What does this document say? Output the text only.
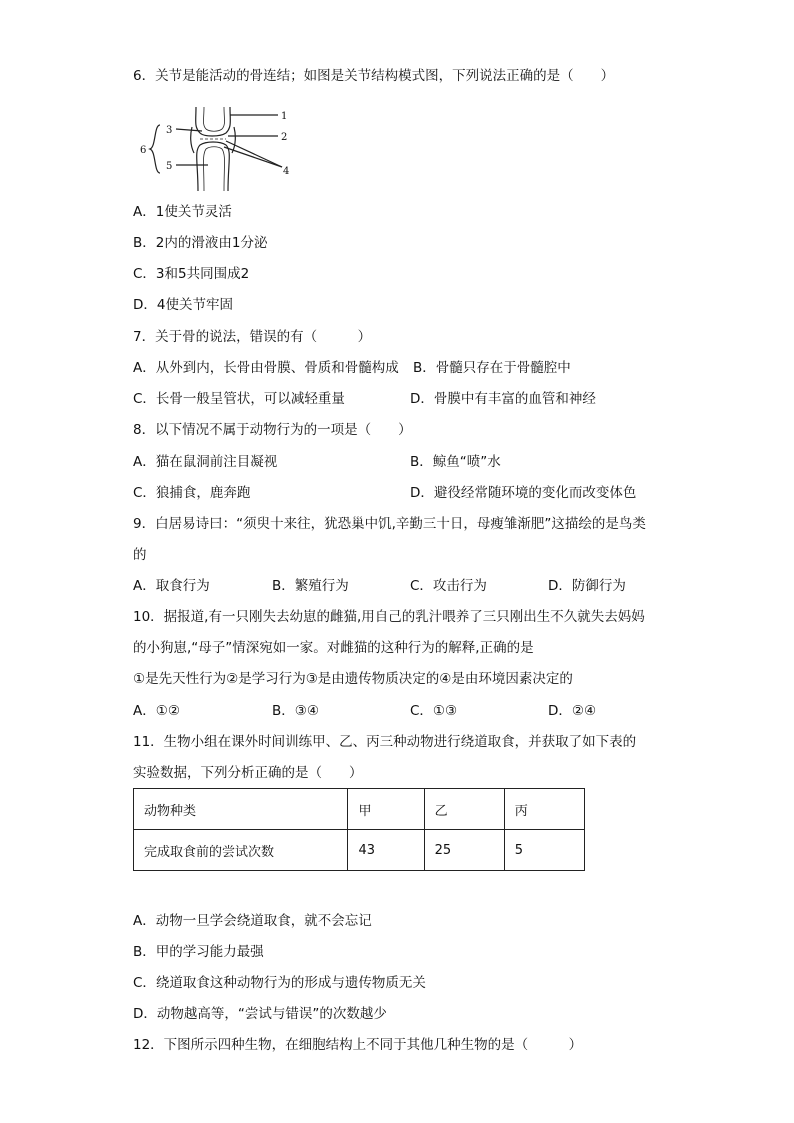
6．关节是能活动的骨连结；如图是关节结构模式图，下列说法正确的是（　　）
1
2
3
4
5
6
A．1使关节灵活
B．2内的滑液由1分泌
C．3和5共同围成2
D．4使关节牢固
7．关于骨的说法，错误的有（　　　）
A．从外到内，长骨由骨膜、骨质和骨髓构成 B．骨髓只存在于骨髓腔中
C．长骨一般呈管状，可以减轻重量	D．骨膜中有丰富的血管和神经
8．以下情况不属于动物行为的一项是（　　）
A．猫在鼠洞前注目凝视	B．鲸鱼“喷”水
C．狼捕食，鹿奔跑	D．避役经常随环境的变化而改变体色
9．白居易诗曰：“须臾十来往，犹恐巢中饥,辛勤三十日，母瘦雏渐肥”这描绘的是鸟类
的
A．取食行为	B．繁殖行为	C．攻击行为	D．防御行为
10．据报道,有一只刚失去幼崽的雌猫,用自己的乳汁喂养了三只刚出生不久就失去妈妈
的小狗崽,“母子”情深宛如一家。对雌猫的这种行为的解释,正确的是
①是先天性行为②是学习行为③是由遗传物质决定的④是由环境因素决定的
A．①②	B．③④	C．①③	D．②④
11．生物小组在课外时间训练甲、乙、丙三种动物进行绕道取食，并获取了如下表的
实验数据，下列分析正确的是（　　）
动物种类	甲	乙	丙
完成取食前的尝试次数	43	25	5
A．动物一旦学会绕道取食，就不会忘记
B．甲的学习能力最强
C．绕道取食这种动物行为的形成与遗传物质无关
D．动物越高等，“尝试与错误”的次数越少
12．下图所示四种生物，在细胞结构上不同于其他几种生物的是（　　　）
